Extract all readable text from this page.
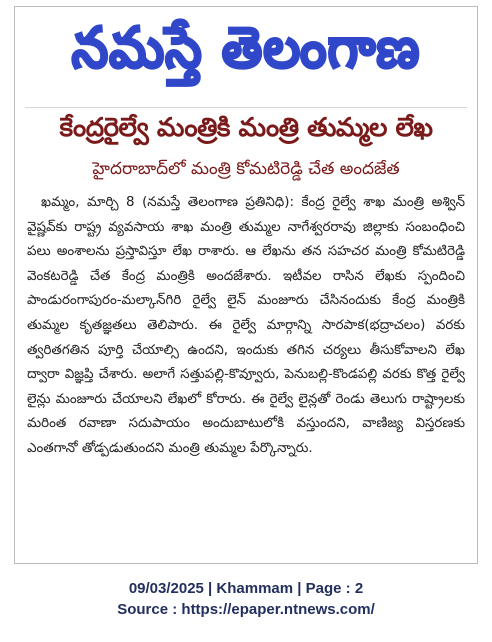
నమస్తే తెలంగాణ
కేంద్రరైల్వే మంత్రికి మంత్రి తుమ్మల లేఖ
హైదరాబాద్‌లో మంత్రి కోమటిరెడ్డి చేత అందజేత
ఖమ్మం, మార్చి 8 (నమస్తే తెలంగాణ ప్రతినిధి): కేంద్ర రైల్వే శాఖ మంత్రి అశ్విన్ వైష్ణవ్‌కు రాష్ట్ర వ్యవసాయ శాఖ మంత్రి తుమ్మల నాగేశ్వరరావు జిల్లాకు సంబంధించి పలు అంశాలను ప్రస్తావిస్తూ లేఖ రాశారు. ఆ లేఖను తన సహచర మంత్రి కోమటిరెడ్డి వెంకటరెడ్డి చేత కేంద్ర మంత్రికి అందజేశారు. ఇటీవల రాసిన లేఖకు స్పందించి పాండురంగాపురం-మల్కాన్‌గిరి రైల్వే లైన్ మంజూరు చేసినందుకు కేంద్ర మంత్రికి తుమ్మల కృతజ్ఞతలు తెలిపారు. ఈ రైల్వే మార్గాన్ని సారపాక(భద్రాచలం) వరకు త్వరితగతిన పూర్తి చేయాల్సి ఉందని, ఇందుకు తగిన చర్యలు తీసుకోవాలని లేఖ ద్వారా విజ్ఞప్తి చేశారు. అలాగే సత్తుపల్లి-కొవ్వూరు, పెనుబల్లి-కొండపల్లి వరకు కొత్త రైల్వే లైన్లు మంజూరు చేయాలని లేఖలో కోరారు. ఈ రైల్వే లైన్లతో రెండు తెలుగు రాష్ట్రాలకు మరింత రవాణా సదుపాయం అందుబాటులోకి వస్తుందని, వాణిజ్య విస్తరణకు ఎంతగానో తోడ్పడుతుందని మంత్రి తుమ్మల పేర్కొన్నారు.
09/03/2025 | Khammam | Page : 2
Source : https://epaper.ntnews.com/
